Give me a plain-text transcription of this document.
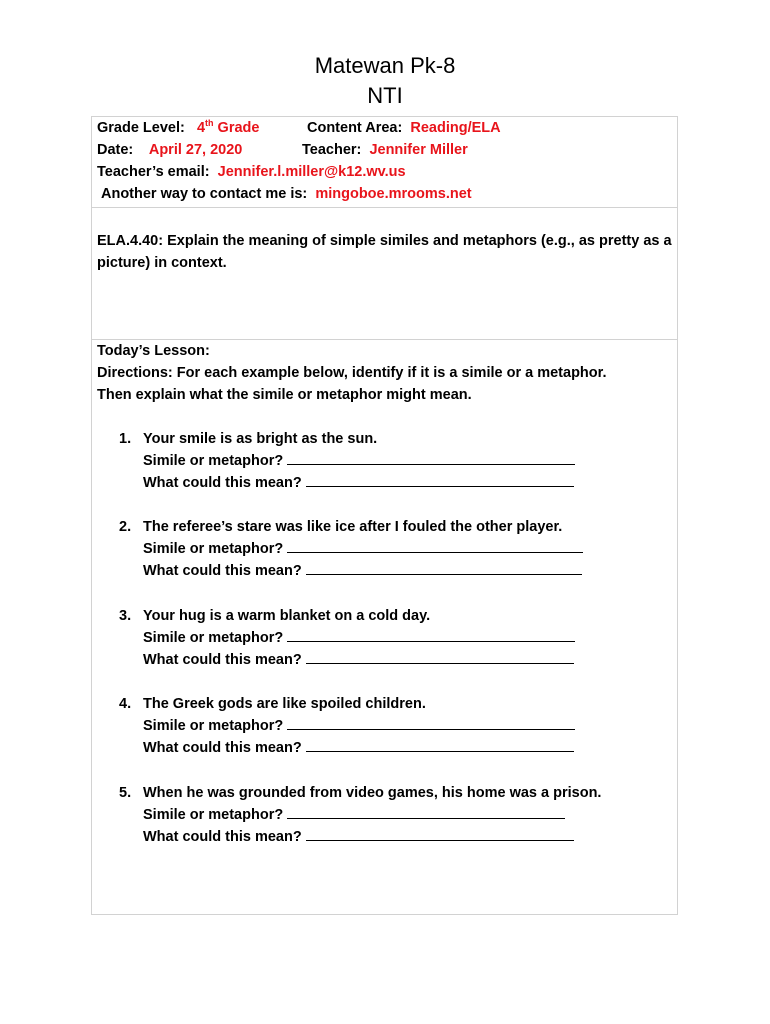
Matewan Pk-8
NTI
Grade Level: 4th Grade	Content Area: Reading/ELA
Date: April 27, 2020	Teacher: Jennifer Miller
Teacher’s email: Jennifer.l.miller@k12.wv.us
Another way to contact me is: mingoboe.mrooms.net
ELA.4.40: Explain the meaning of simple similes and metaphors (e.g., as pretty as a picture) in context.
Today’s Lesson:
Directions: For each example below, identify if it is a simile or a metaphor.
Then explain what the simile or metaphor might mean.
1. Your smile is as bright as the sun.
Simile or metaphor?
What could this mean?
2. The referee’s stare was like ice after I fouled the other player.
Simile or metaphor?
What could this mean?
3. Your hug is a warm blanket on a cold day.
Simile or metaphor?
What could this mean?
4. The Greek gods are like spoiled children.
Simile or metaphor?
What could this mean?
5. When he was grounded from video games, his home was a prison.
Simile or metaphor?
What could this mean?
